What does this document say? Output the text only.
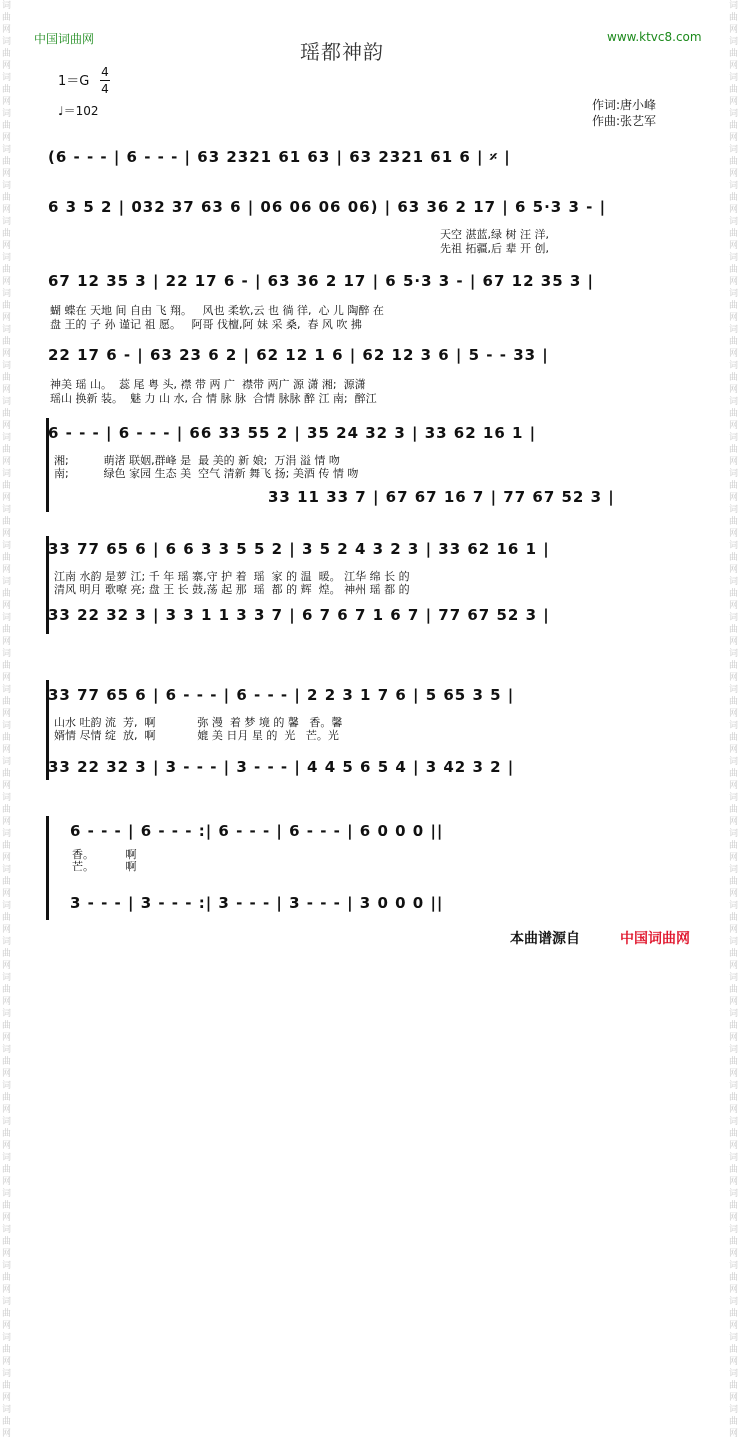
词曲网词曲网词曲网词曲网词曲网词曲网词曲网词曲网词曲网词曲网词曲网词曲网词曲网词曲网词曲网词曲网词曲网词曲网词曲网词曲网词曲网词曲网词曲网词曲网词曲网词曲网词曲网词曲网词曲网词曲网词曲网词曲网词曲网词曲网词曲网词曲网词曲网词曲网词曲网词曲网
词曲网词曲网词曲网词曲网词曲网词曲网词曲网词曲网词曲网词曲网词曲网词曲网词曲网词曲网词曲网词曲网词曲网词曲网词曲网词曲网词曲网词曲网词曲网词曲网词曲网词曲网词曲网词曲网词曲网词曲网词曲网词曲网词曲网词曲网词曲网词曲网词曲网词曲网词曲网词曲网
中国词曲网	www.ktvc8.com
瑶都神韵
1＝G
4
4
♩＝102	作词:唐小峰
作曲:张艺军
(6 - - - | 6 - - - | 63 2321 61 63 | 63 2321 61 6 | 𝄎 |
6 3 5 2 | 032 37 63 6 | 06 06 06 06) | 63 36 2 17 | 6 5·3 3 - |
天空 湛蓝,绿 树 汪 洋,
先祖 拓疆,后 辈 开 创,
67 12 35 3 | 22 17 6 - | 63 36 2 17 | 6 5·3 3 - | 67 12 35 3 |
蝴 蝶在 天地 间 自由 飞 翔。   风也 柔软,云 也 徜 徉,  心 儿 陶醉 在
盘 王的 子 孙 谨记 祖 愿。   阿哥 伐檀,阿 妹 采 桑,  春 风 吹 拂
22 17 6 - | 63 23 6 2 | 62 12 1 6 | 62 12 3 6 | 5 - - 33 |
神美 瑶 山。  蕊 尾 粤 头, 襟 带 两 广  襟带 两广 源 潇 湘;  源潇
瑶山 换新 装。  魅 力 山 水, 合 情 脉 脉  合情 脉脉 醉 江 南;  醉江
6 - - - | 6 - - - | 66 33 55 2 | 35 24 32 3 | 33 62 16 1 |
湘;          萌渚 联姻,群峰 是  最 美的 新 娘;  万涓 溢 情 吻
南;          绿色 家园 生态 美  空气 清新 舞飞 扬; 美酒 传 情 吻
33 11 33 7 | 67 67 16 7 | 77 67 52 3 |
33 77 65 6 | 6 6 3 3 5 5 2 | 3 5 2 4 3 2 3 | 33 62 16 1 |
江南 水韵 是萝 江; 千 年 瑶 寨,守 护 着  瑶  家 的 温  暖。 江华 绵 长 的
清风 明月 歌嘹 亮; 盘 王 长 鼓,荡 起 那  瑶  都 的 辉  煌。 神州 瑶 都 的
33 22 32 3 | 3 3 1 1 3 3 7 | 6 7 6 7 1 6 7 | 77 67 52 3 |
33 77 65 6 | 6 - - - | 6 - - - | 2 2 3 1 7 6 | 5 65 3 5 |
山水 吐韵 流  芳,  啊            弥 漫  着 梦 境 的 馨   香。馨
婿情 尽情 绽  放,  啊            媲 美 日月 星 的  光   芒。光
33 22 32 3 | 3 - - - | 3 - - - | 4 4 5 6 5 4 | 3 42 3 2 |
6 - - - | 6 - - - :| 6 - - - | 6 - - - | 6 0 0 0 ||
香。         啊
芒。         啊
3 - - - | 3 - - - :| 3 - - - | 3 - - - | 3 0 0 0 ||
本曲谱源自	中国词曲网
